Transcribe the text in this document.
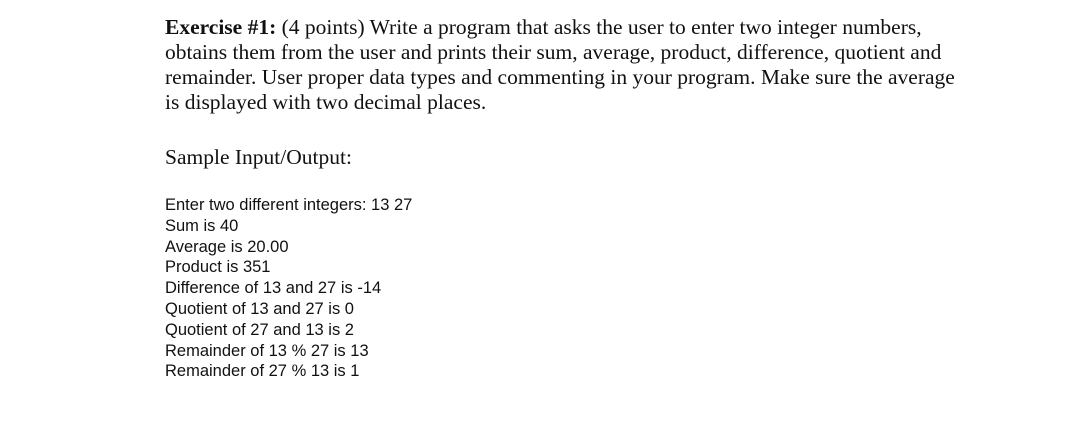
Exercise #1: (4 points) Write a program that asks the user to enter two integer numbers, obtains them from the user and prints their sum, average, product, difference, quotient and remainder. User proper data types and commenting in your program. Make sure the average is displayed with two decimal places.
Sample Input/Output:
Enter two different integers: 13 27
Sum is 40
Average is 20.00
Product is 351
Difference of 13 and 27 is -14
Quotient of 13 and 27 is 0
Quotient of 27 and 13 is 2
Remainder of 13 % 27 is 13
Remainder of 27 % 13 is 1
